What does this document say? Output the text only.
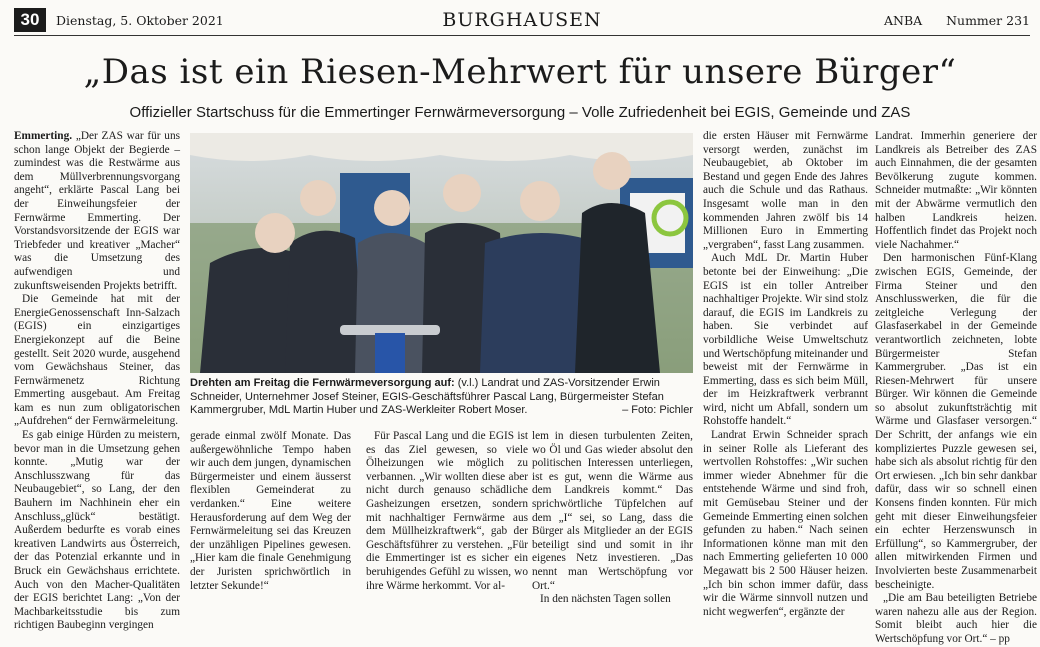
30	Dienstag, 5. Oktober 2021	BURGHAUSEN	ANBA Nummer 231
„Das ist ein Riesen-Mehrwert für unsere Bürger“
Offizieller Startschuss für die Emmertinger Fernwärmeversorgung – Volle Zufriedenheit bei EGIS, Gemeinde und ZAS

Emmerting. „Der ZAS war für uns schon lange Objekt der Begierde – zumindest was die Restwärme aus dem Müllverbrennungsvorgang angeht“, erklärte Pascal Lang bei der Einweihungsfeier der Fernwärme Emmerting. Der Vorstandsvorsitzende der EGIS war Triebfeder und kreativer „Macher“ was die Umsetzung des aufwendigen und zukunftsweisenden Projekts betrifft.

Die Gemeinde hat mit der EnergieGenossenschaft Inn-Salzach (EGIS) ein einzigartiges Energiekonzept auf die Beine gestellt. Seit 2020 wurde, ausgehend vom Gewächshaus Steiner, das Fernwärmenetz Richtung Emmerting ausgebaut. Am Freitag kam es nun zum obligatorischen „Aufdrehen“ der Fernwärmeleitung.

Es gab einige Hürden zu meistern, bevor man in die Umsetzung gehen konnte. „Mutig war der Anschlusszwang für das Neubaugebiet“, so Lang, der den Bauhern im Nachhinein eher ein Anschluss„glück“ bestätigt. Außerdem bedurfte es vorab eines kreativen Landwirts aus Österreich, der das Potenzial erkannte und in Bruck ein Gewächshaus errichtete. Auch von den Macher-Qualitäten der EGIS berichtet Lang: „Von der Machbarkeitsstudie bis zum richtigen Baubeginn vergingen

Drehten am Freitag die Fernwärmeversorgung auf: (v.l.) Landrat und ZAS-Vorsitzender Erwin Schneider, Unternehmer Josef Steiner, EGIS-Geschäftsführer Pascal Lang, Bürgermeister Stefan Kammergruber, MdL Martin Huber und ZAS-Werkleiter Robert Moser.	– Foto: Pichler

gerade einmal zwölf Monate. Das außergewöhnliche Tempo haben wir auch dem jungen, dynamischen Bürgermeister und einem äusserst flexiblen Gemeinderat zu verdanken.“ Eine weitere Herausforderung auf dem Weg der Fernwärmeleitung sei das Kreuzen der unzähligen Pipelines gewesen. „Hier kam die finale Genehmigung der Juristen sprichwörtlich in letzter Sekunde!“

Für Pascal Lang und die EGIS ist es das Ziel gewesen, so viele Ölheizungen wie möglich zu verbannen. „Wir wollten diese aber nicht durch genauso schädliche Gasheizungen ersetzen, sondern mit nachhaltiger Fernwärme aus dem Müllheizkraftwerk“, gab der Geschäftsführer zu verstehen. „Für die Emmertinger ist es sicher ein beruhigendes Gefühl zu wissen, wo ihre Wärme herkommt. Vor al-

lem in diesen turbulenten Zeiten, wo Öl und Gas wieder absolut den politischen Interessen unterliegen, ist es gut, wenn die Wärme aus dem Landkreis kommt.“ Das sprichwörtliche Tüpfelchen auf dem „I“ sei, so Lang, dass die Bürger als Mitglieder an der EGIS beteiligt sind und somit in ihr eigenes Netz investieren. „Das nennt man Wertschöpfung vor Ort.“

In den nächsten Tagen sollen

die ersten Häuser mit Fernwärme versorgt werden, zunächst im Neubaugebiet, ab Oktober im Bestand und gegen Ende des Jahres auch die Schule und das Rathaus. Insgesamt wolle man in den kommenden Jahren zwölf bis 14 Millionen Euro in Emmerting „vergraben“, fasst Lang zusammen.

Auch MdL Dr. Martin Huber betonte bei der Einweihung: „Die EGIS ist ein toller Antreiber nachhaltiger Projekte. Wir sind stolz darauf, die EGIS im Landkreis zu haben. Sie verbindet auf vorbildliche Weise Umweltschutz und Wertschöpfung miteinander und beweist mit der Fernwärme in Emmerting, dass es sich beim Müll, der im Heizkraftwerk verbrannt wird, nicht um Abfall, sondern um Rohstoffe handelt.“

Landrat Erwin Schneider sprach in seiner Rolle als Lieferant des wertvollen Rohstoffes: „Wir suchen immer wieder Abnehmer für die entstehende Wärme und sind froh, mit Gemüsebau Steiner und der Gemeinde Emmerting einen solchen gefunden zu haben.“ Nach seinen Informationen könne man mit den nach Emmerting gelieferten 10 000 Megawatt bis 2 500 Häuser heizen. „Ich bin schon immer dafür, dass wir die Wärme sinnvoll nutzen und nicht wegwerfen“, ergänzte der

Landrat. Immerhin generiere der Landkreis als Betreiber des ZAS auch Einnahmen, die der gesamten Bevölkerung zugute kommen. Schneider mutmaßte: „Wir könnten mit der Abwärme vermutlich den halben Landkreis heizen. Hoffentlich findet das Projekt noch viele Nachahmer.“

Den harmonischen Fünf-Klang zwischen EGIS, Gemeinde, der Firma Steiner und den Anschlusswerken, die für die zeitgleiche Verlegung der Glasfaserkabel in der Gemeinde verantwortlich zeichneten, lobte Bürgermeister Stefan Kammergruber. „Das ist ein Riesen-Mehrwert für unsere Bürger. Wir können die Gemeinde so absolut zukunftsträchtig mit Wärme und Glasfaser versorgen.“ Der Schritt, der anfangs wie ein kompliziertes Puzzle gewesen sei, habe sich als absolut richtig für den Ort erwiesen. „Ich bin sehr dankbar dafür, dass wir so schnell einen Konsens finden konnten. Für mich geht mit dieser Einweihungsfeier ein echter Herzenswunsch in Erfüllung“, so Kammergruber, der allen mitwirkenden Firmen und Involvierten beste Zusammenarbeit bescheinigte.

„Die am Bau beteiligten Betriebe waren nahezu alle aus der Region. Somit bleibt auch hier die Wertschöpfung vor Ort.“ – pp
